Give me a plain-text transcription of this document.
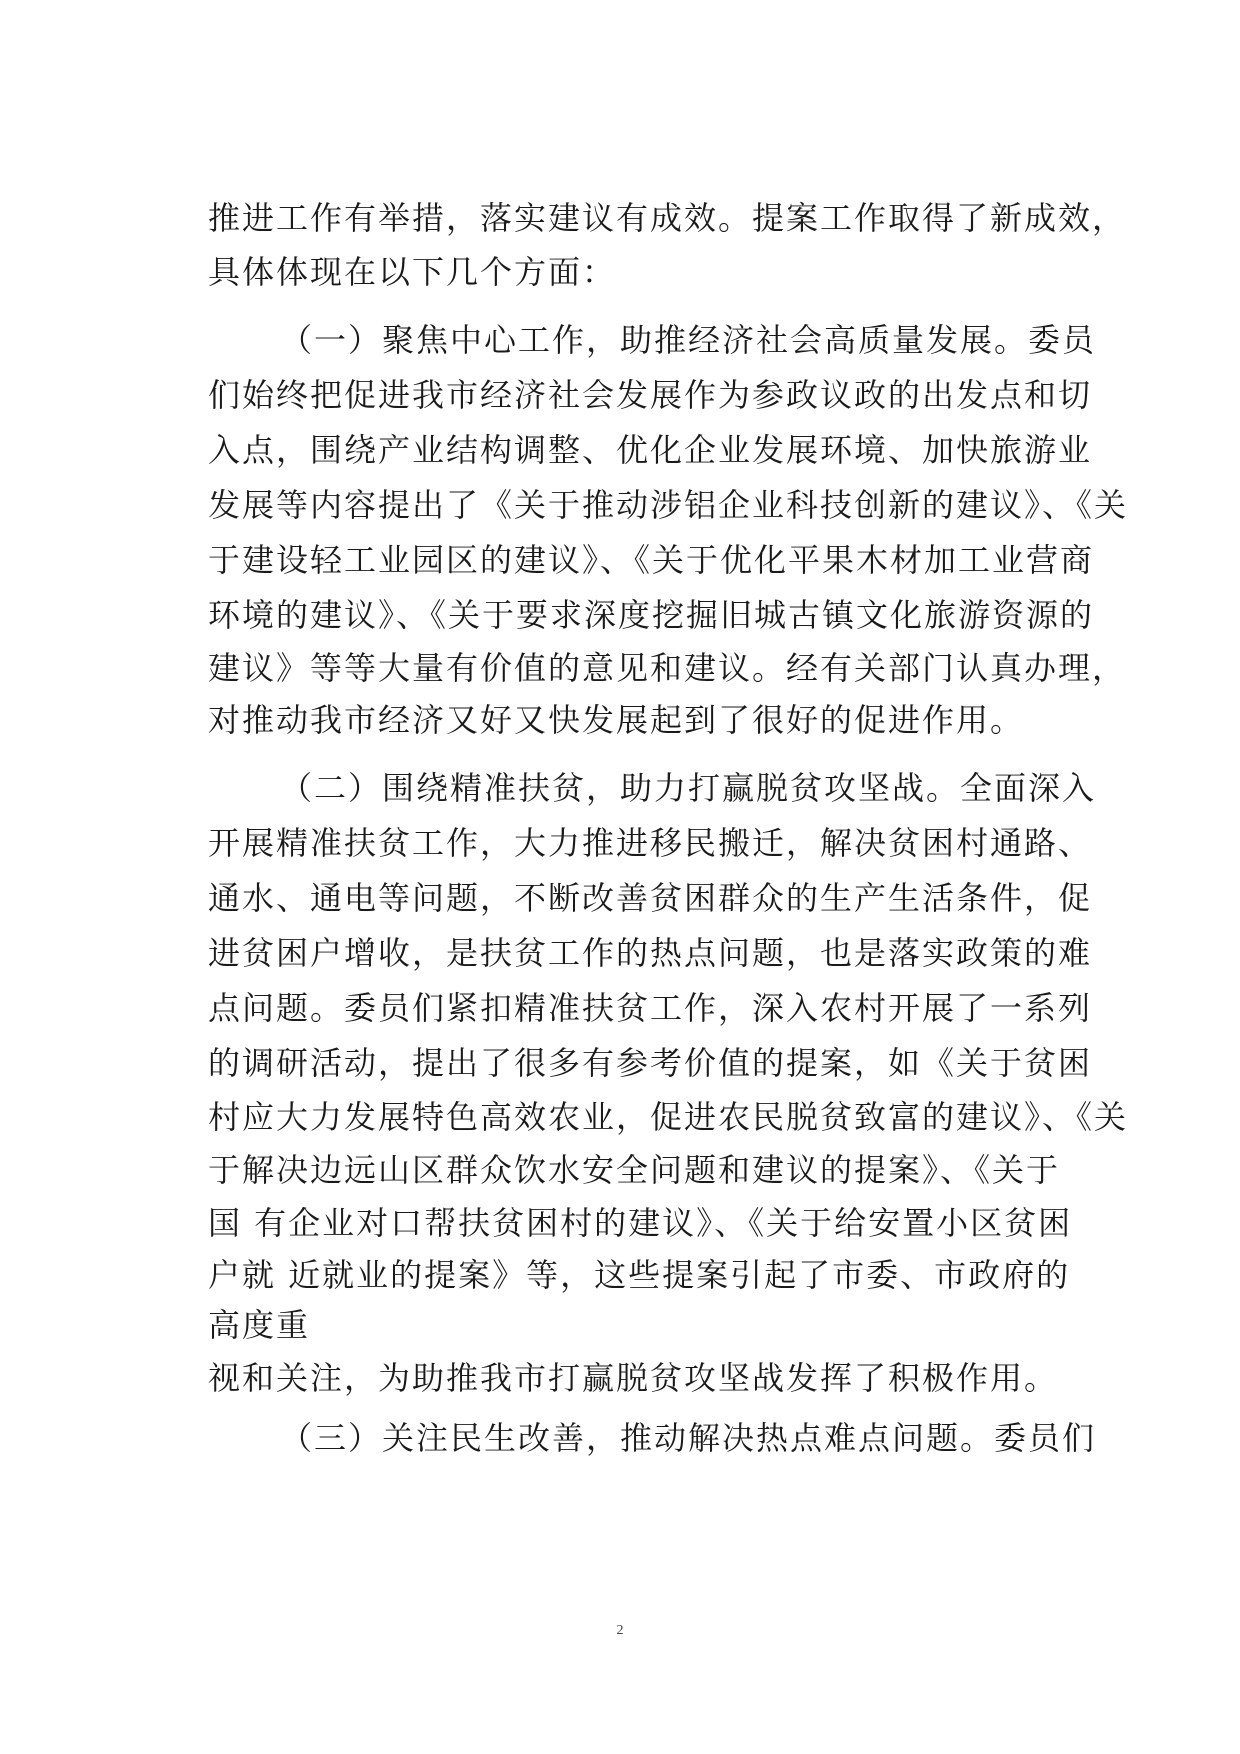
推进工作有举措，落实建议有成效。提案工作取得了新成效，
具体体现在以下几个方面：
（一）聚焦中心工作，助推经济社会高质量发展。委员
们始终把促进我市经济社会发展作为参政议政的出发点和切
入点，围绕产业结构调整、优化企业发展环境、加快旅游业
发展等内容提出了《关于推动涉铝企业科技创新的建议》、《关
于建设轻工业园区的建议》、《关于优化平果木材加工业营商
环境的建议》、《关于要求深度挖掘旧城古镇文化旅游资源的
建议》等等大量有价值的意见和建议。经有关部门认真办理，
对推动我市经济又好又快发展起到了很好的促进作用。
（二）围绕精准扶贫，助力打赢脱贫攻坚战。全面深入
开展精准扶贫工作，大力推进移民搬迁，解决贫困村通路、
通水、通电等问题，不断改善贫困群众的生产生活条件，促
进贫困户增收，是扶贫工作的热点问题，也是落实政策的难
点问题。委员们紧扣精准扶贫工作，深入农村开展了一系列
的调研活动，提出了很多有参考价值的提案，如《关于贫困
村应大力发展特色高效农业，促进农民脱贫致富的建议》、《关
于解决边远山区群众饮水安全问题和建议的提案》、《关于
国 有企业对口帮扶贫困村的建议》、《关于给安置小区贫困
户就 近就业的提案》等，这些提案引起了市委、市政府的
高度重
视和关注，为助推我市打赢脱贫攻坚战发挥了积极作用。
（三）关注民生改善，推动解决热点难点问题。委员们
2
